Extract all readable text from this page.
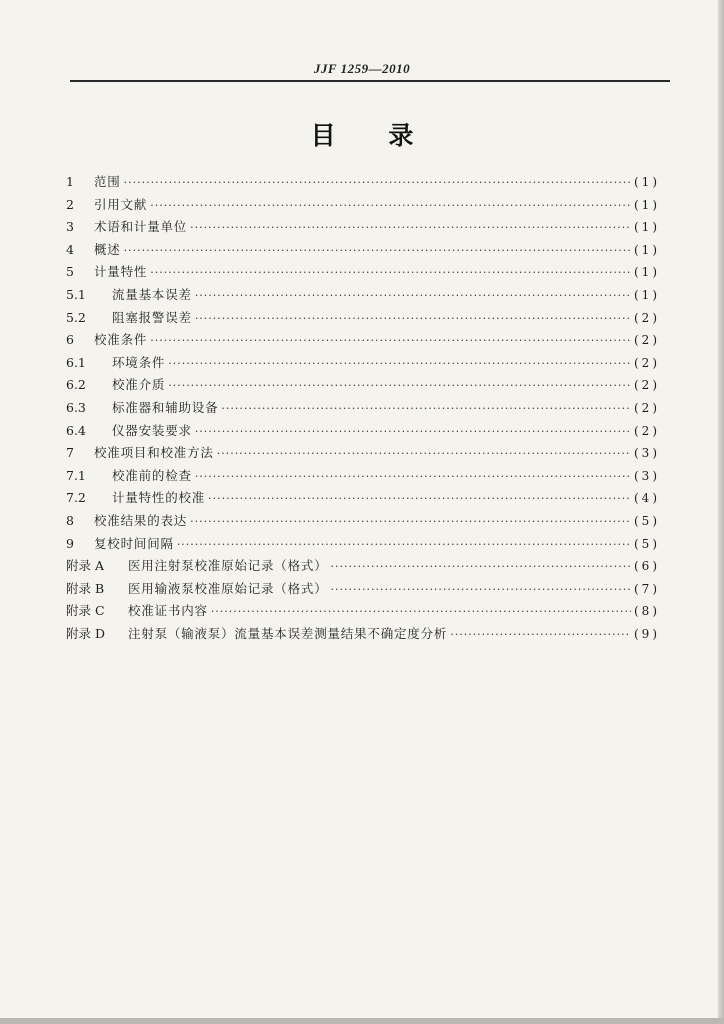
JJF 1259—2010
目 录
1	范围 ·····	(1)
2	引用文献 ·····	(1)
3	术语和计量单位 ·····	(1)
4	概述 ·····	(1)
5	计量特性 ·····	(1)
5.1	流量基本误差 ·····	(1)
5.2	阻塞报警误差 ·····	(2)
6	校准条件 ·····	(2)
6.1	环境条件 ·····	(2)
6.2	校准介质 ·····	(2)
6.3	标准器和辅助设备 ·····	(2)
6.4	仪器安装要求 ·····	(2)
7	校准项目和校准方法 ·····	(3)
7.1	校准前的检查 ·····	(3)
7.2	计量特性的校准 ·····	(4)
8	校准结果的表达 ·····	(5)
9	复校时间间隔 ·····	(5)
附录 A	医用注射泵校准原始记录（格式） ·····	(6)
附录 B	医用输液泵校准原始记录（格式） ·····	(7)
附录 C	校准证书内容 ·····	(8)
附录 D	注射泵（输液泵）流量基本误差测量结果不确定度分析 ·····	(9)
